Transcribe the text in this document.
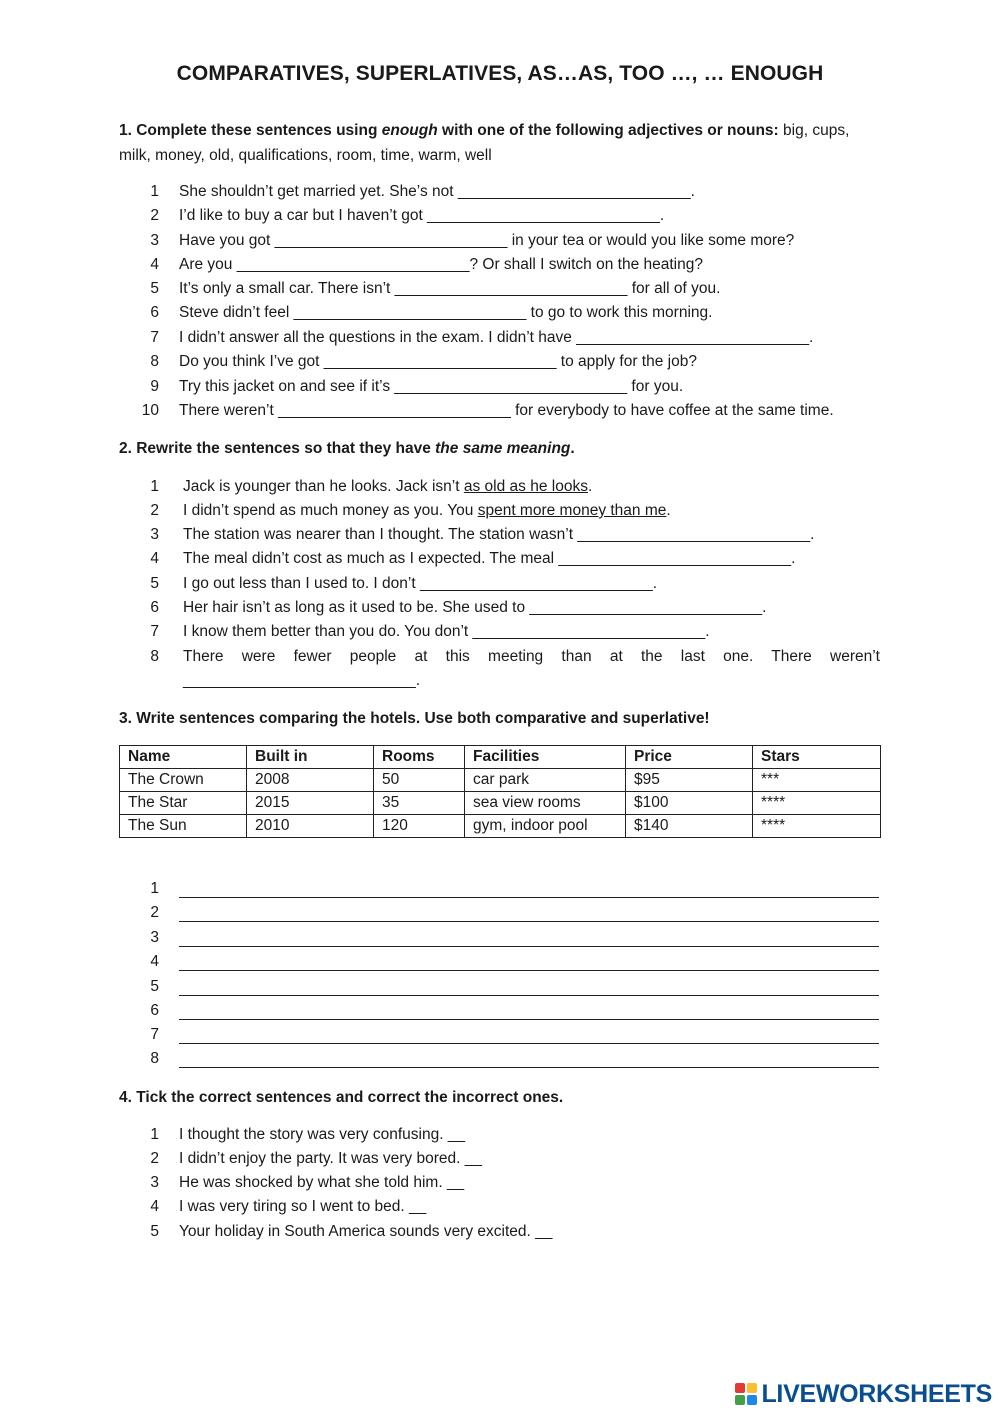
COMPARATIVES, SUPERLATIVES, AS…AS, TOO …, … ENOUGH
1. Complete these sentences using enough with one of the following adjectives or nouns: big, cups, milk, money, old, qualifications, room, time, warm, well
1 She shouldn’t get married yet. She’s not ___________________________.
2 I’d like to buy a car but I haven’t got ___________________________.
3 Have you got ___________________________ in your tea or would you like some more?
4 Are you ___________________________? Or shall I switch on the heating?
5 It’s only a small car. There isn’t ___________________________ for all of you.
6 Steve didn’t feel ___________________________ to go to work this morning.
7 I didn’t answer all the questions in the exam. I didn’t have ___________________________.
8 Do you think I’ve got ___________________________ to apply for the job?
9 Try this jacket on and see if it’s ___________________________ for you.
10 There weren’t ___________________________ for everybody to have coffee at the same time.
2. Rewrite the sentences so that they have the same meaning.
1 Jack is younger than he looks. Jack isn’t as old as he looks.
2 I didn’t spend as much money as you. You spent more money than me.
3 The station was nearer than I thought. The station wasn’t ___________________________.
4 The meal didn’t cost as much as I expected. The meal ___________________________.
5 I go out less than I used to. I don’t ___________________________.
6 Her hair isn’t as long as it used to be. She used to ___________________________.
7 I know them better than you do. You don’t ___________________________.
8 There were fewer people at this meeting than at the last one. There weren’t
___________________________.
3. Write sentences comparing the hotels. Use both comparative and superlative!
Name	Built in	Rooms	Facilities	Price	Stars
The Crown	2008	50	car park	$95	***
The Star	2015	35	sea view rooms	$100	****
The Sun	2010	120	gym, indoor pool	$140	****
1
2
3
4
5
6
7
8
4. Tick the correct sentences and correct the incorrect ones.
1 I thought the story was very confusing. __
2 I didn’t enjoy the party. It was very bored. __
3 He was shocked by what she told him. __
4 I was very tiring so I went to bed. __
5 Your holiday in South America sounds very excited. __
LIVEWORKSHEETS
